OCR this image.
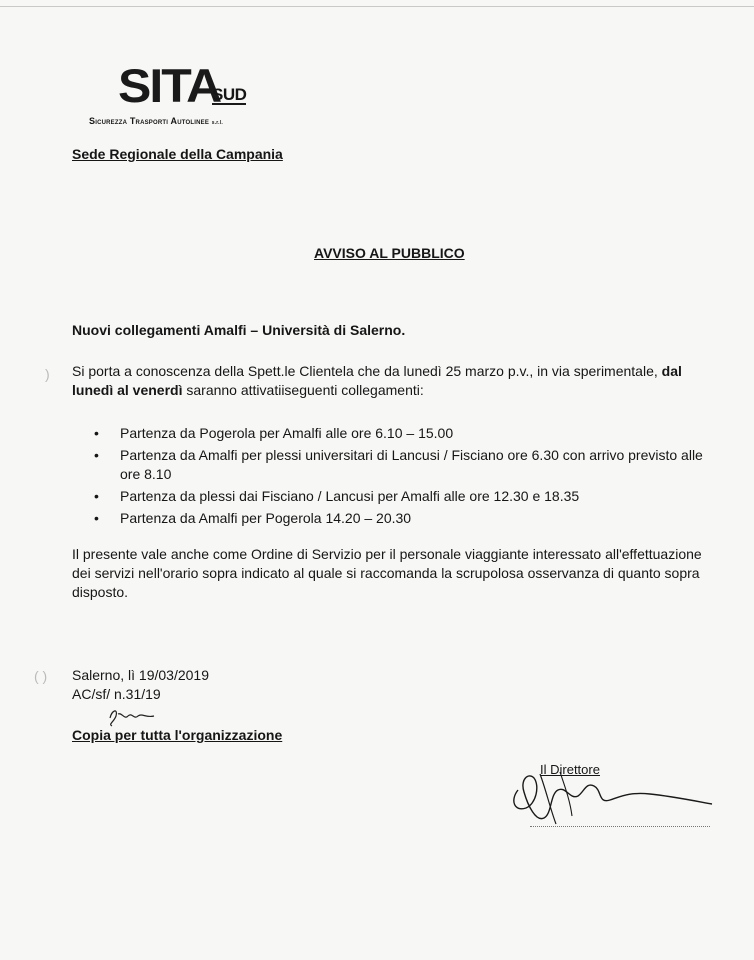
 )
( )
SITA
SUD
Sicurezza Trasporti Autolinee s.r.l.
Sede Regionale della Campania
AVVISO AL PUBBLICO
Nuovi collegamenti Amalfi – Università di Salerno.
Si porta a conoscenza della Spett.le Clientela che da lunedì 25 marzo p.v., in via sperimentale, dal lunedì al venerdì saranno attivatiiseguenti collegamenti:
• Partenza da Pogerola per Amalfi alle ore 6.10 – 15.00
• Partenza da Amalfi per plessi universitari di Lancusi / Fisciano ore 6.30 con arrivo previsto alle ore 8.10
• Partenza da plessi dai Fisciano / Lancusi per Amalfi alle ore 12.30 e 18.35
• Partenza da Amalfi per Pogerola 14.20 – 20.30
Il presente vale anche come Ordine di Servizio per il personale viaggiante interessato all'effettuazione dei servizi nell'orario sopra indicato al quale si raccomanda la scrupolosa osservanza di quanto sopra disposto.
Salerno, lì 19/03/2019
AC/sf/ n.31/19
Copia per tutta l'organizzazione
Il Direttore
